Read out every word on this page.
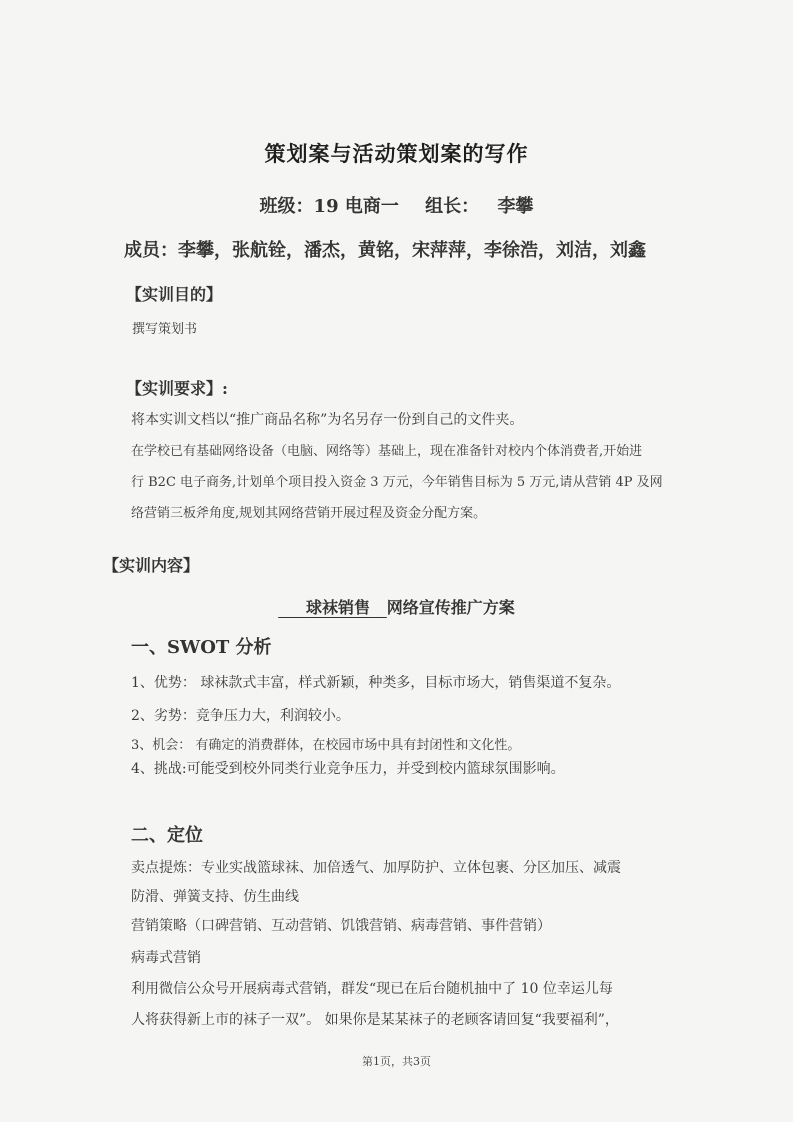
策划案与活动策划案的写作
班级：19 电商一 组长： 李攀
成员：李攀，张航铨，潘杰，黄铭，宋萍萍，李徐浩，刘洁，刘鑫
【实训目的】
撰写策划书
【实训要求】:
将本实训文档以“推广商品名称”为名另存一份到自己的文件夹。
在学校已有基础网络设备（电脑、网络等）基础上，现在准备针对校内个体消费者,开始进
行 B2C 电子商务,计划单个项目投入资金 3 万元，今年销售目标为 5 万元,请从营销 4P 及网
络营销三板斧角度,规划其网络营销开展过程及资金分配方案。
【实训内容】
球袜销售 网络宣传推广方案
一、SWOT 分析
1、优势： 球袜款式丰富，样式新颖，种类多，目标市场大，销售渠道不复杂。
2、劣势：竞争压力大，利润较小。
3、机会： 有确定的消费群体，在校园市场中具有封闭性和文化性。
4、挑战:可能受到校外同类行业竞争压力，并受到校内篮球氛围影响。
二、定位
卖点提炼：专业实战篮球袜、加倍透气、加厚防护、立体包裹、分区加压、减震
防滑、弹簧支持、仿生曲线
营销策略（口碑营销、互动营销、饥饿营销、病毒营销、事件营销）
病毒式营销
利用微信公众号开展病毒式营销，群发“现已在后台随机抽中了 10 位幸运儿每
人将获得新上市的袜子一双”。 如果你是某某袜子的老顾客请回复“我要福利”，
第1页，共3页
